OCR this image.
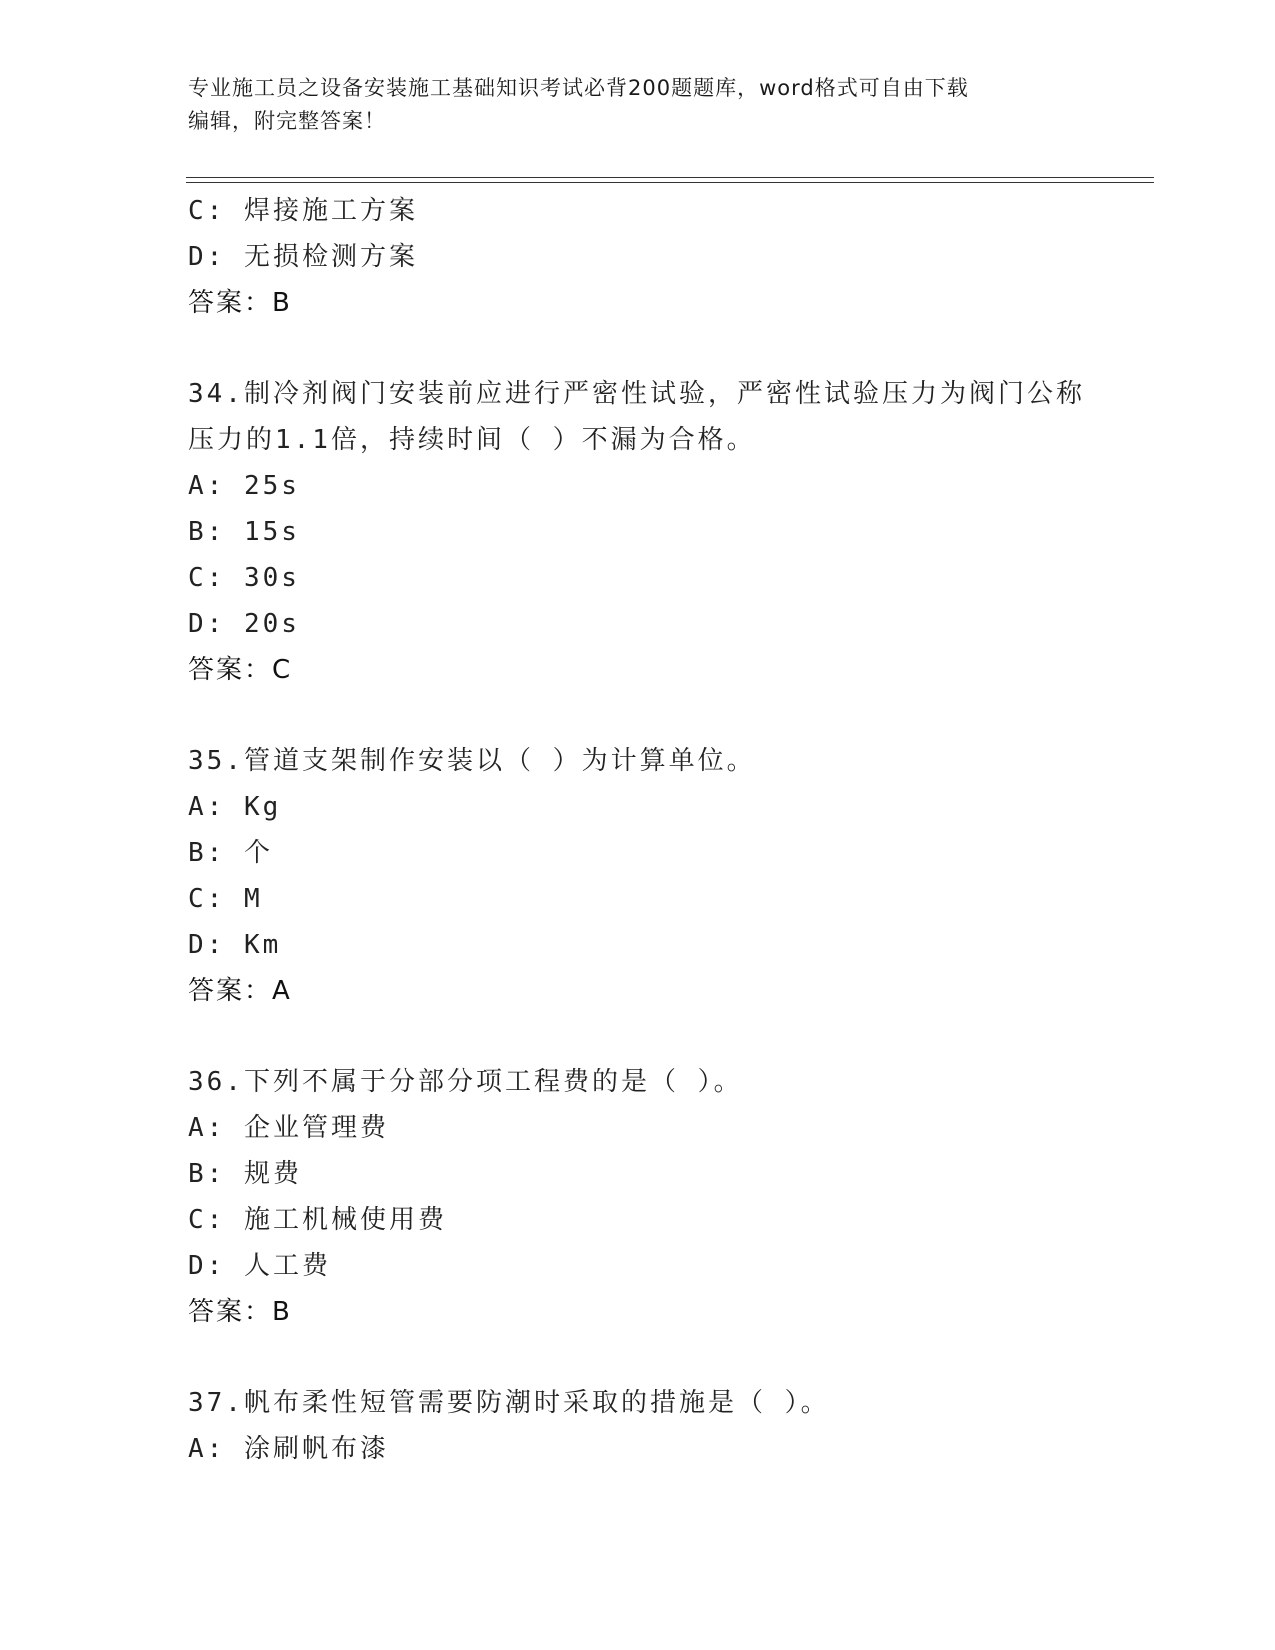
专业施工员之设备安装施工基础知识考试必背200题题库，word格式可自由下载
编辑，附完整答案！
C: 焊接施工方案
D: 无损检测方案
答案：B
34.制冷剂阀门安装前应进行严密性试验，严密性试验压力为阀门公称
压力的1.1倍，持续时间（ ）不漏为合格。
A: 25s
B: 15s
C: 30s
D: 20s
答案：C
35.管道支架制作安装以（ ）为计算单位。
A: Kg
B: 个
C: M
D: Km
答案：A
36.下列不属于分部分项工程费的是（ ）。
A: 企业管理费
B: 规费
C: 施工机械使用费
D: 人工费
答案：B
37.帆布柔性短管需要防潮时采取的措施是（ ）。
A: 涂刷帆布漆
